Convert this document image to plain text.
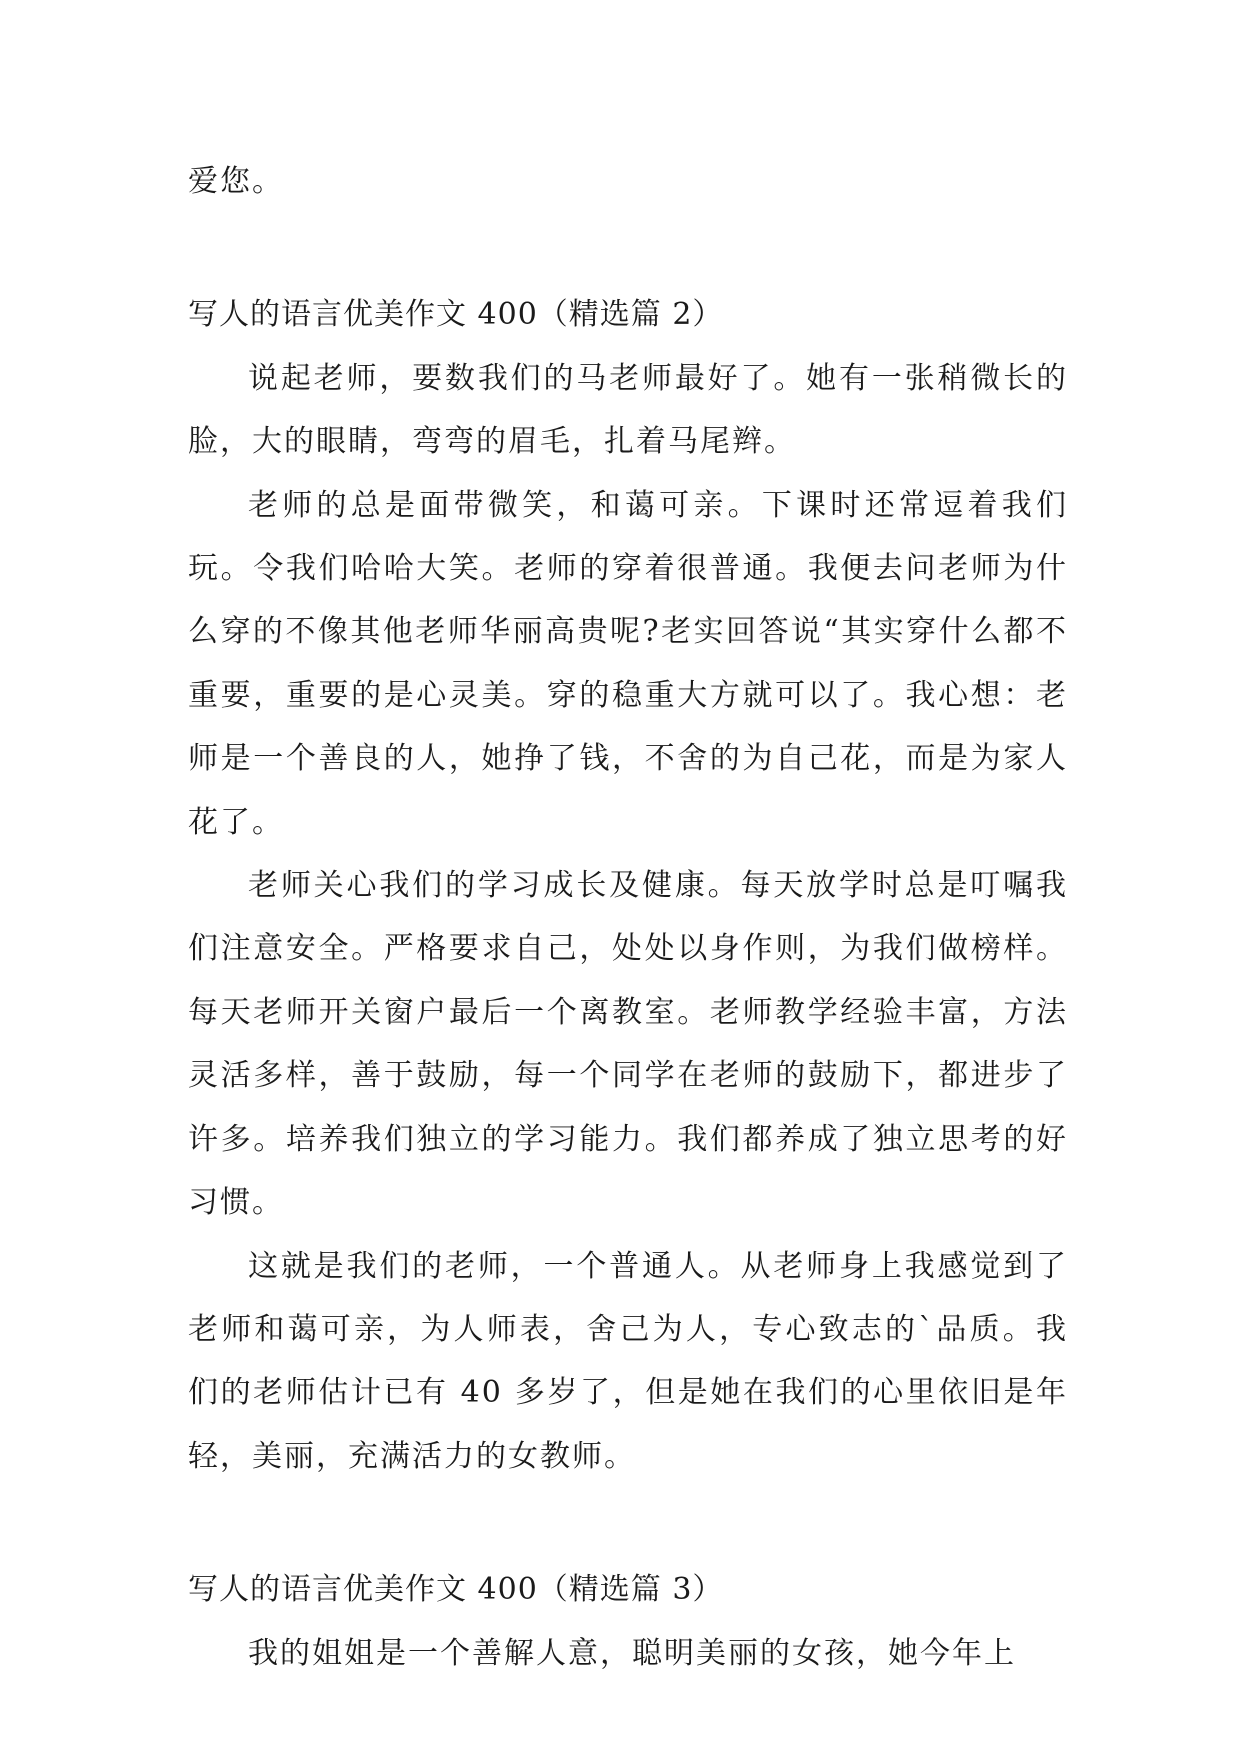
爱您。

写人的语言优美作文 400（精选篇 2）

说起老师，要数我们的马老师最好了。她有一张稍微长的脸，大的眼睛，弯弯的眉毛，扎着马尾辫。

老师的总是面带微笑，和蔼可亲。下课时还常逗着我们玩。令我们哈哈大笑。老师的穿着很普通。我便去问老师为什么穿的不像其他老师华丽高贵呢?老实回答说“其实穿什么都不重要，重要的是心灵美。穿的稳重大方就可以了。我心想：老师是一个善良的人，她挣了钱，不舍的为自己花，而是为家人花了。

老师关心我们的学习成长及健康。每天放学时总是叮嘱我们注意安全。严格要求自己，处处以身作则，为我们做榜样。每天老师开关窗户最后一个离教室。老师教学经验丰富，方法灵活多样，善于鼓励，每一个同学在老师的鼓励下，都进步了许多。培养我们独立的学习能力。我们都养成了独立思考的好习惯。

这就是我们的老师，一个普通人。从老师身上我感觉到了老师和蔼可亲，为人师表，舍己为人，专心致志的`品质。我们的老师估计已有 40 多岁了，但是她在我们的心里依旧是年轻，美丽，充满活力的女教师。

写人的语言优美作文 400（精选篇 3）

我的姐姐是一个善解人意，聪明美丽的女孩，她今年上
